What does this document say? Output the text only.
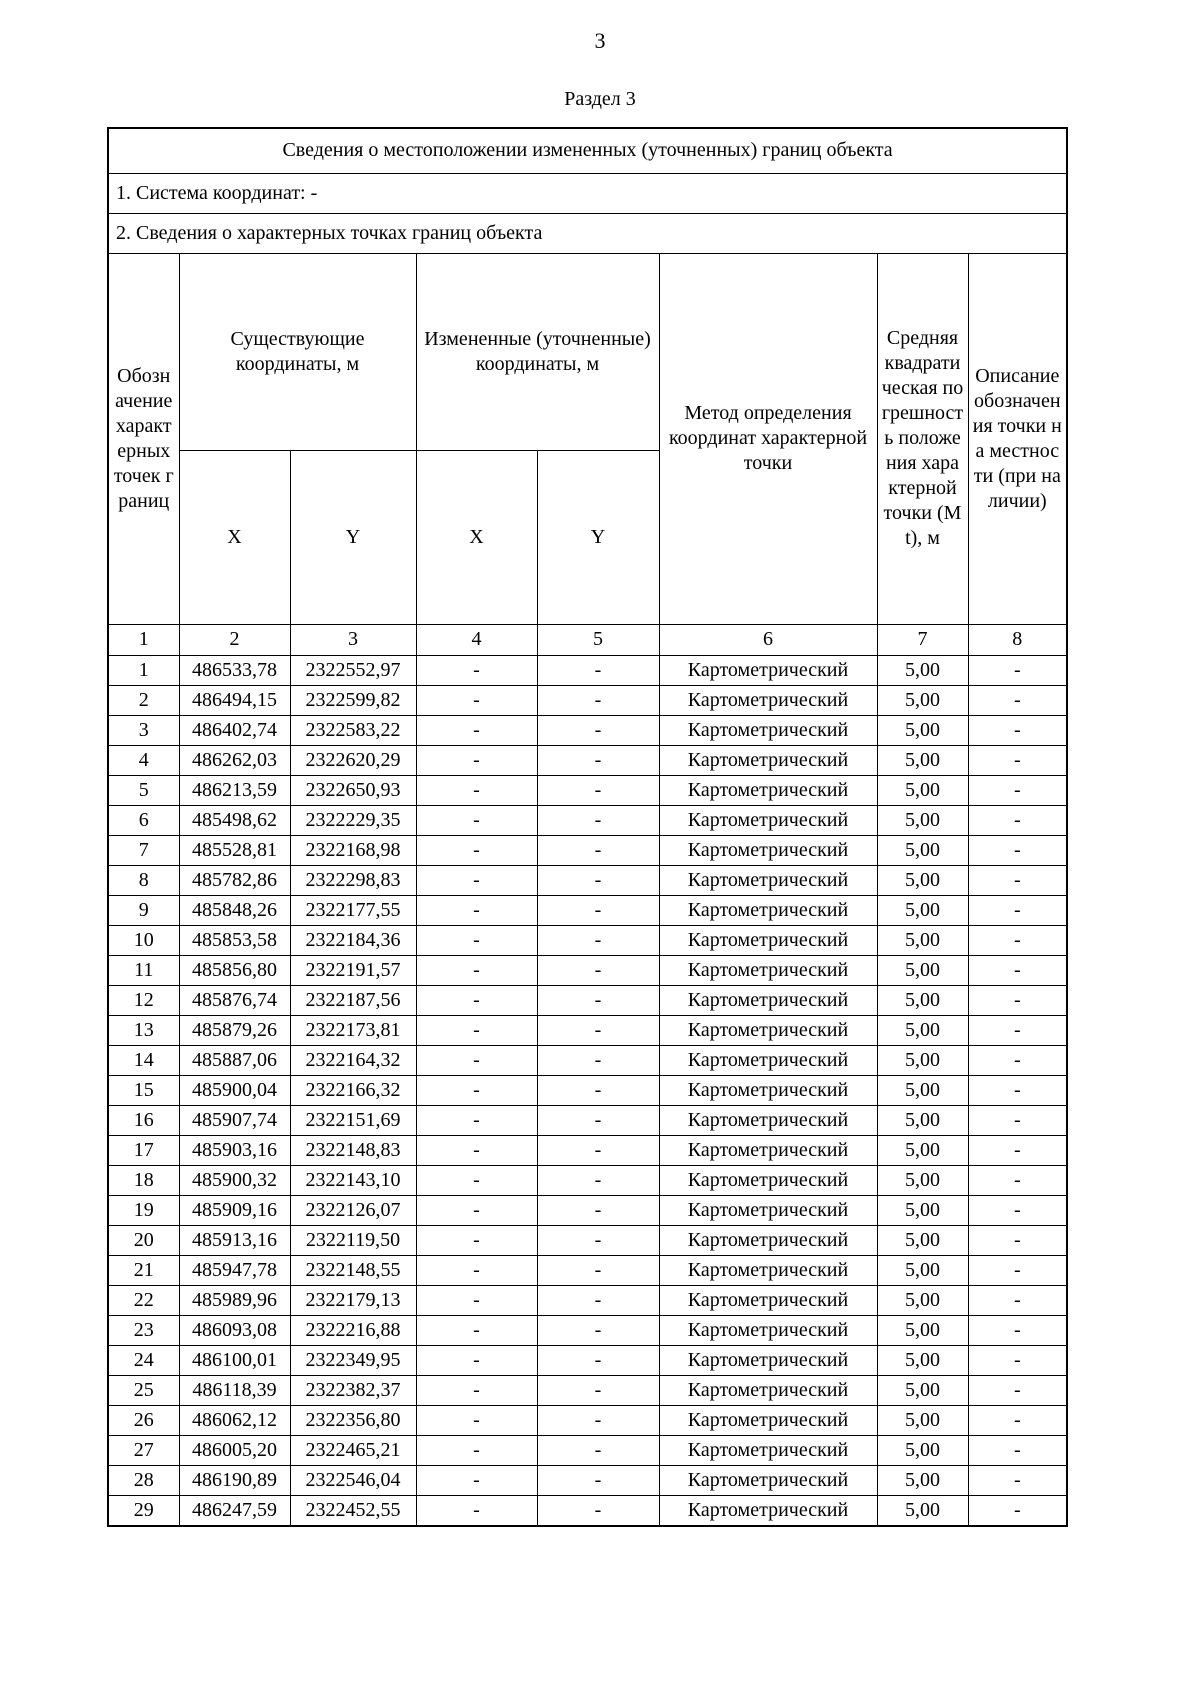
3
Раздел 3
Сведения о местоположении измененных (уточненных) границ объекта							
1. Система координат: -							
2. Сведения о характерных точках границ объекта							
Обозначение характерных точек границ	Существующие координаты, м		Измененные (уточненные) координаты, м		Метод определения координат характерной точки	Средняя квадратическая погрешность положения характерной точки (Mt), м	Описание обозначения точки на местности (при наличии)
	X	Y	X	Y			
1	2	3	4	5	6	7	8
1	486533,78	2322552,97	-	-	Картометрический	5,00	-
2	486494,15	2322599,82	-	-	Картометрический	5,00	-
3	486402,74	2322583,22	-	-	Картометрический	5,00	-
4	486262,03	2322620,29	-	-	Картометрический	5,00	-
5	486213,59	2322650,93	-	-	Картометрический	5,00	-
6	485498,62	2322229,35	-	-	Картометрический	5,00	-
7	485528,81	2322168,98	-	-	Картометрический	5,00	-
8	485782,86	2322298,83	-	-	Картометрический	5,00	-
9	485848,26	2322177,55	-	-	Картометрический	5,00	-
10	485853,58	2322184,36	-	-	Картометрический	5,00	-
11	485856,80	2322191,57	-	-	Картометрический	5,00	-
12	485876,74	2322187,56	-	-	Картометрический	5,00	-
13	485879,26	2322173,81	-	-	Картометрический	5,00	-
14	485887,06	2322164,32	-	-	Картометрический	5,00	-
15	485900,04	2322166,32	-	-	Картометрический	5,00	-
16	485907,74	2322151,69	-	-	Картометрический	5,00	-
17	485903,16	2322148,83	-	-	Картометрический	5,00	-
18	485900,32	2322143,10	-	-	Картометрический	5,00	-
19	485909,16	2322126,07	-	-	Картометрический	5,00	-
20	485913,16	2322119,50	-	-	Картометрический	5,00	-
21	485947,78	2322148,55	-	-	Картометрический	5,00	-
22	485989,96	2322179,13	-	-	Картометрический	5,00	-
23	486093,08	2322216,88	-	-	Картометрический	5,00	-
24	486100,01	2322349,95	-	-	Картометрический	5,00	-
25	486118,39	2322382,37	-	-	Картометрический	5,00	-
26	486062,12	2322356,80	-	-	Картометрический	5,00	-
27	486005,20	2322465,21	-	-	Картометрический	5,00	-
28	486190,89	2322546,04	-	-	Картометрический	5,00	-
29	486247,59	2322452,55	-	-	Картометрический	5,00	-
